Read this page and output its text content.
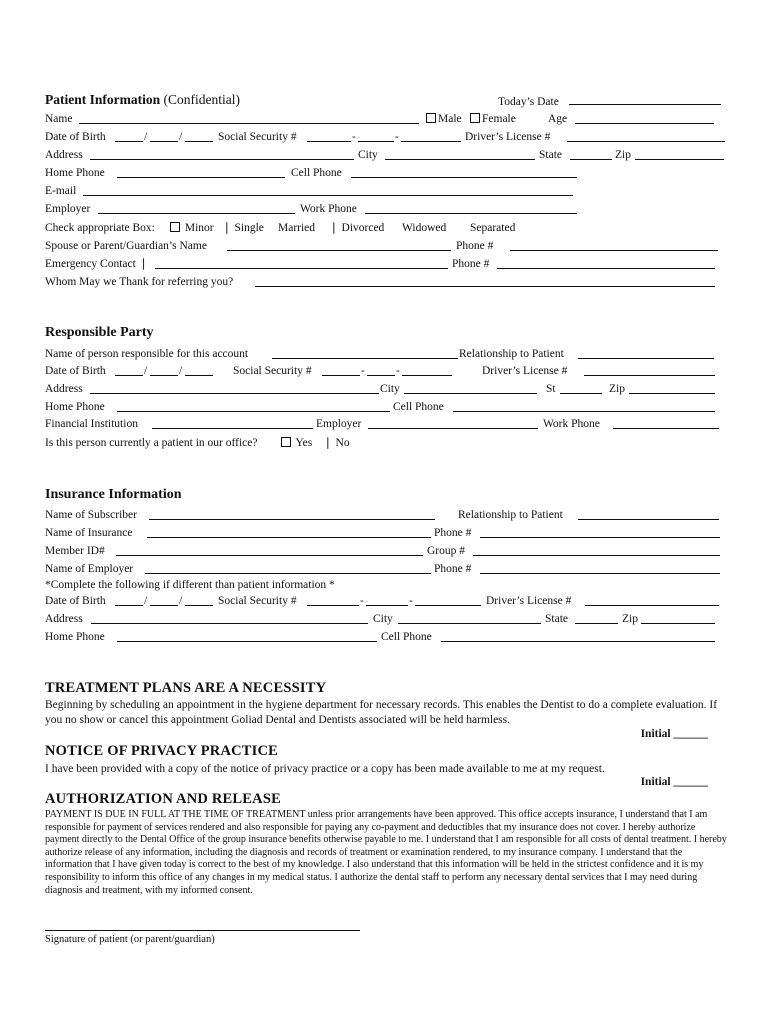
Patient Information (Confidential)	Today’s Date
Name	Male	Female	Age
Date of Birth	/	/	Social Security #	-	-	Driver’s License #
Address	City	State	Zip
Home Phone	Cell Phone
E-mail
Employer	Work Phone
Check appropriate Box:	Minor ❘ Single Married ❘ Divorced Widowed Separated
Spouse or Parent/Guardian’s Name	Phone #
Emergency Contact ❘	Phone #
Whom May we Thank for referring you?
Responsible Party
Name of person responsible for this account	Relationship to Patient
Date of Birth	/	/	Social Security #	-	-	Driver’s License #
Address	City	St	Zip
Home Phone	Cell Phone
Financial Institution	Employer	Work Phone
Is this person currently a patient in our office?	Yes ❘ No
Insurance Information
Name of Subscriber	Relationship to Patient
Name of Insurance	Phone #
Member ID#	Group #
Name of Employer	Phone #
*Complete the following if different than patient information *
Date of Birth	/	/	Social Security #	-	-	Driver’s License #
Address	City	State	Zip
Home Phone	Cell Phone
TREATMENT PLANS ARE A NECESSITY
Beginning by scheduling an appointment in the hygiene department for necessary records. This enables the Dentist to do a complete evaluation. If you no show or cancel this appointment Goliad Dental and Dentists associated will be held harmless.
Initial ______
NOTICE OF PRIVACY PRACTICE
I have been provided with a copy of the notice of privacy practice or a copy has been made available to me at my request.
Initial ______
AUTHORIZATION AND RELEASE
PAYMENT IS DUE IN FULL AT THE TIME OF TREATMENT unless prior arrangements have been approved. This office accepts insurance, I understand that I am responsible for payment of services rendered and also responsible for paying any co-payment and deductibles that my insurance does not cover. I hereby authorize payment directly to the Dental Office of the group insurance benefits otherwise payable to me. I understand that I am responsible for all costs of dental treatment. I hereby authorize release of any information, including the diagnosis and records of treatment or examination rendered, to my insurance company. I understand that the information that I have given today is correct to the best of my knowledge. I also understand that this information will be held in the strictest confidence and it is my responsibility to inform this office of any changes in my medical status. I authorize the dental staff to perform any necessary dental services that I may need during diagnosis and treatment, with my informed consent.
Signature of patient (or parent/guardian)
